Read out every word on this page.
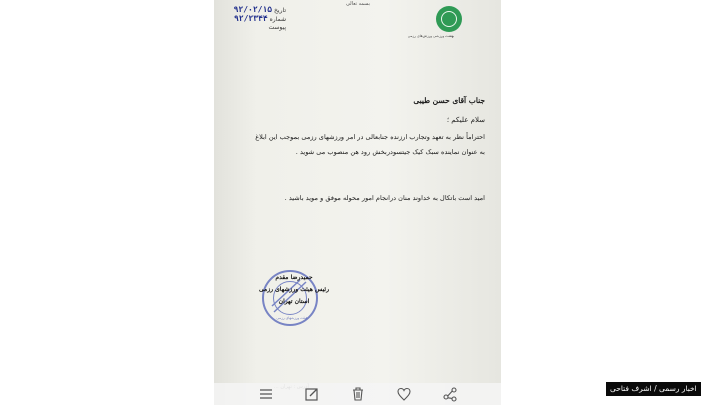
بسمه تعالی
بهشت ورزشی ورزش‌های رزمی
تاریخ ۹۲/۰۲/۱۵
شماره ۹۲/۲۳۴۴
پیوست
جناب آقای حسن طیبی
سلام علیکم ؛
احتراماً نظر به تعهد وتجارب ارزنده جنابعالی در امر ورزشهای رزمی بموجب این ابلاغ به عنوان نماینده سبک کیک جیتسودربخش رود هن منصوب می شوید .
امید است باتکال به خداوند منان درانجام امور محوله موفق و موید باشید .
هیئت ورزشهای رزمی
حمیدرضا مقدم
رئیس هیئت ورزشهای رزمی
استان تهران
اخبار رسمی / اشرف فتاحی
